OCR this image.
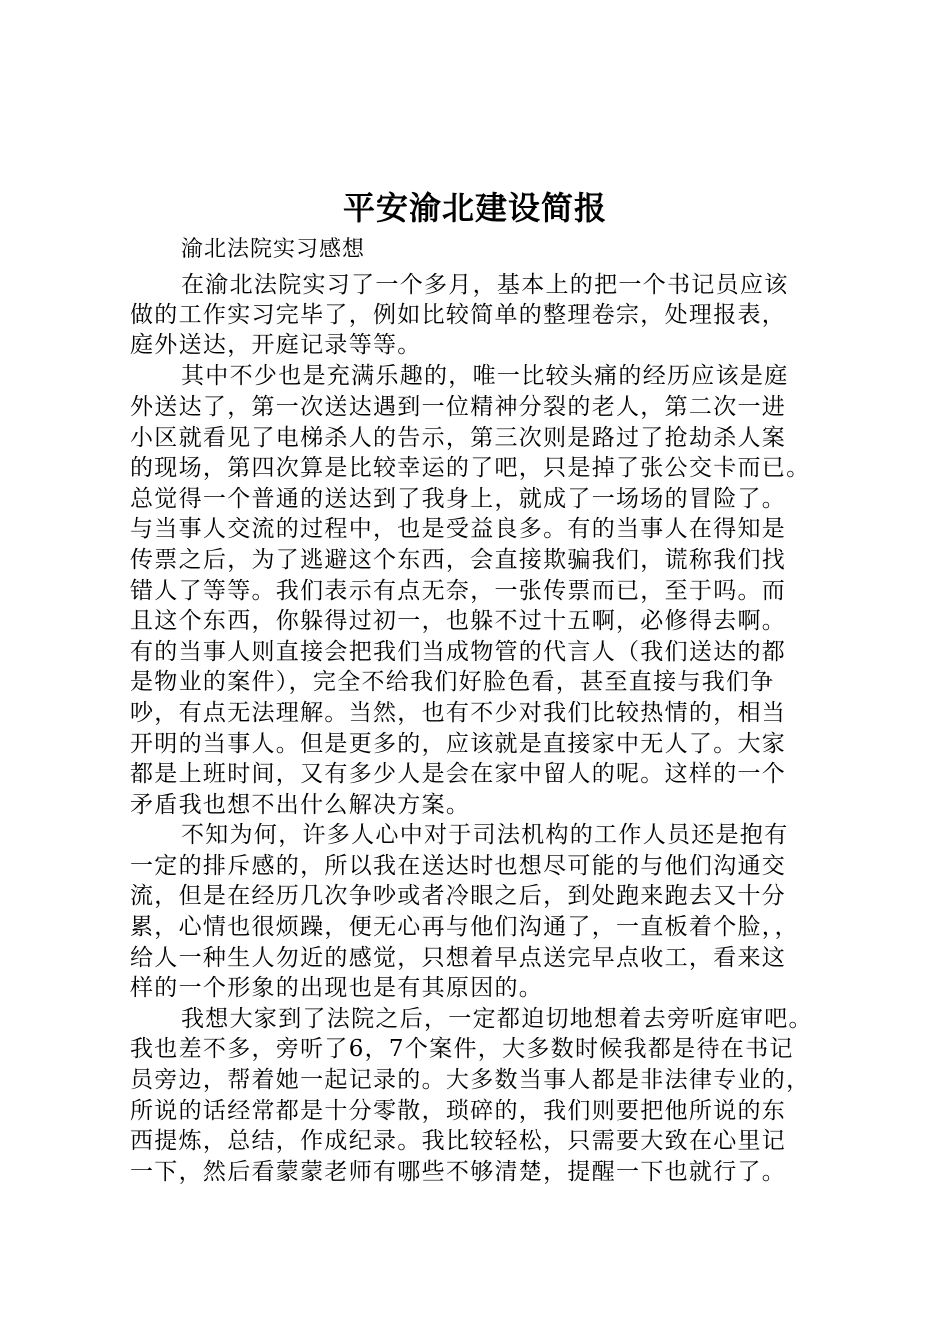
平安渝北建设简报

渝北法院实习感想

在渝北法院实习了一个多月，基本上的把一个书记员应该

做的工作实习完毕了，例如比较简单的整理卷宗，处理报表，

庭外送达，开庭记录等等。

其中不少也是充满乐趣的，唯一比较头痛的经历应该是庭

外送达了，第一次送达遇到一位精神分裂的老人，第二次一进

小区就看见了电梯杀人的告示，第三次则是路过了抢劫杀人案

的现场，第四次算是比较幸运的了吧，只是掉了张公交卡而已。

总觉得一个普通的送达到了我身上，就成了一场场的冒险了。

与当事人交流的过程中，也是受益良多。有的当事人在得知是

传票之后，为了逃避这个东西，会直接欺骗我们，谎称我们找

错人了等等。我们表示有点无奈，一张传票而已，至于吗。而

且这个东西，你躲得过初一，也躲不过十五啊，必修得去啊。

有的当事人则直接会把我们当成物管的代言人（我们送达的都

是物业的案件），完全不给我们好脸色看，甚至直接与我们争

吵，有点无法理解。当然，也有不少对我们比较热情的，相当

开明的当事人。但是更多的，应该就是直接家中无人了。大家

都是上班时间，又有多少人是会在家中留人的呢。这样的一个

矛盾我也想不出什么解决方案。

不知为何，许多人心中对于司法机构的工作人员还是抱有

一定的排斥感的，所以我在送达时也想尽可能的与他们沟通交

流，但是在经历几次争吵或者冷眼之后，到处跑来跑去又十分

累，心情也很烦躁，便无心再与他们沟通了，一直板着个脸，，

给人一种生人勿近的感觉，只想着早点送完早点收工，看来这

样的一个形象的出现也是有其原因的。

我想大家到了法院之后，一定都迫切地想着去旁听庭审吧。

我也差不多，旁听了6，7个案件，大多数时候我都是待在书记

员旁边，帮着她一起记录的。大多数当事人都是非法律专业的，

所说的话经常都是十分零散，琐碎的，我们则要把他所说的东

西提炼，总结，作成纪录。我比较轻松，只需要大致在心里记

一下，然后看蒙蒙老师有哪些不够清楚，提醒一下也就行了。
